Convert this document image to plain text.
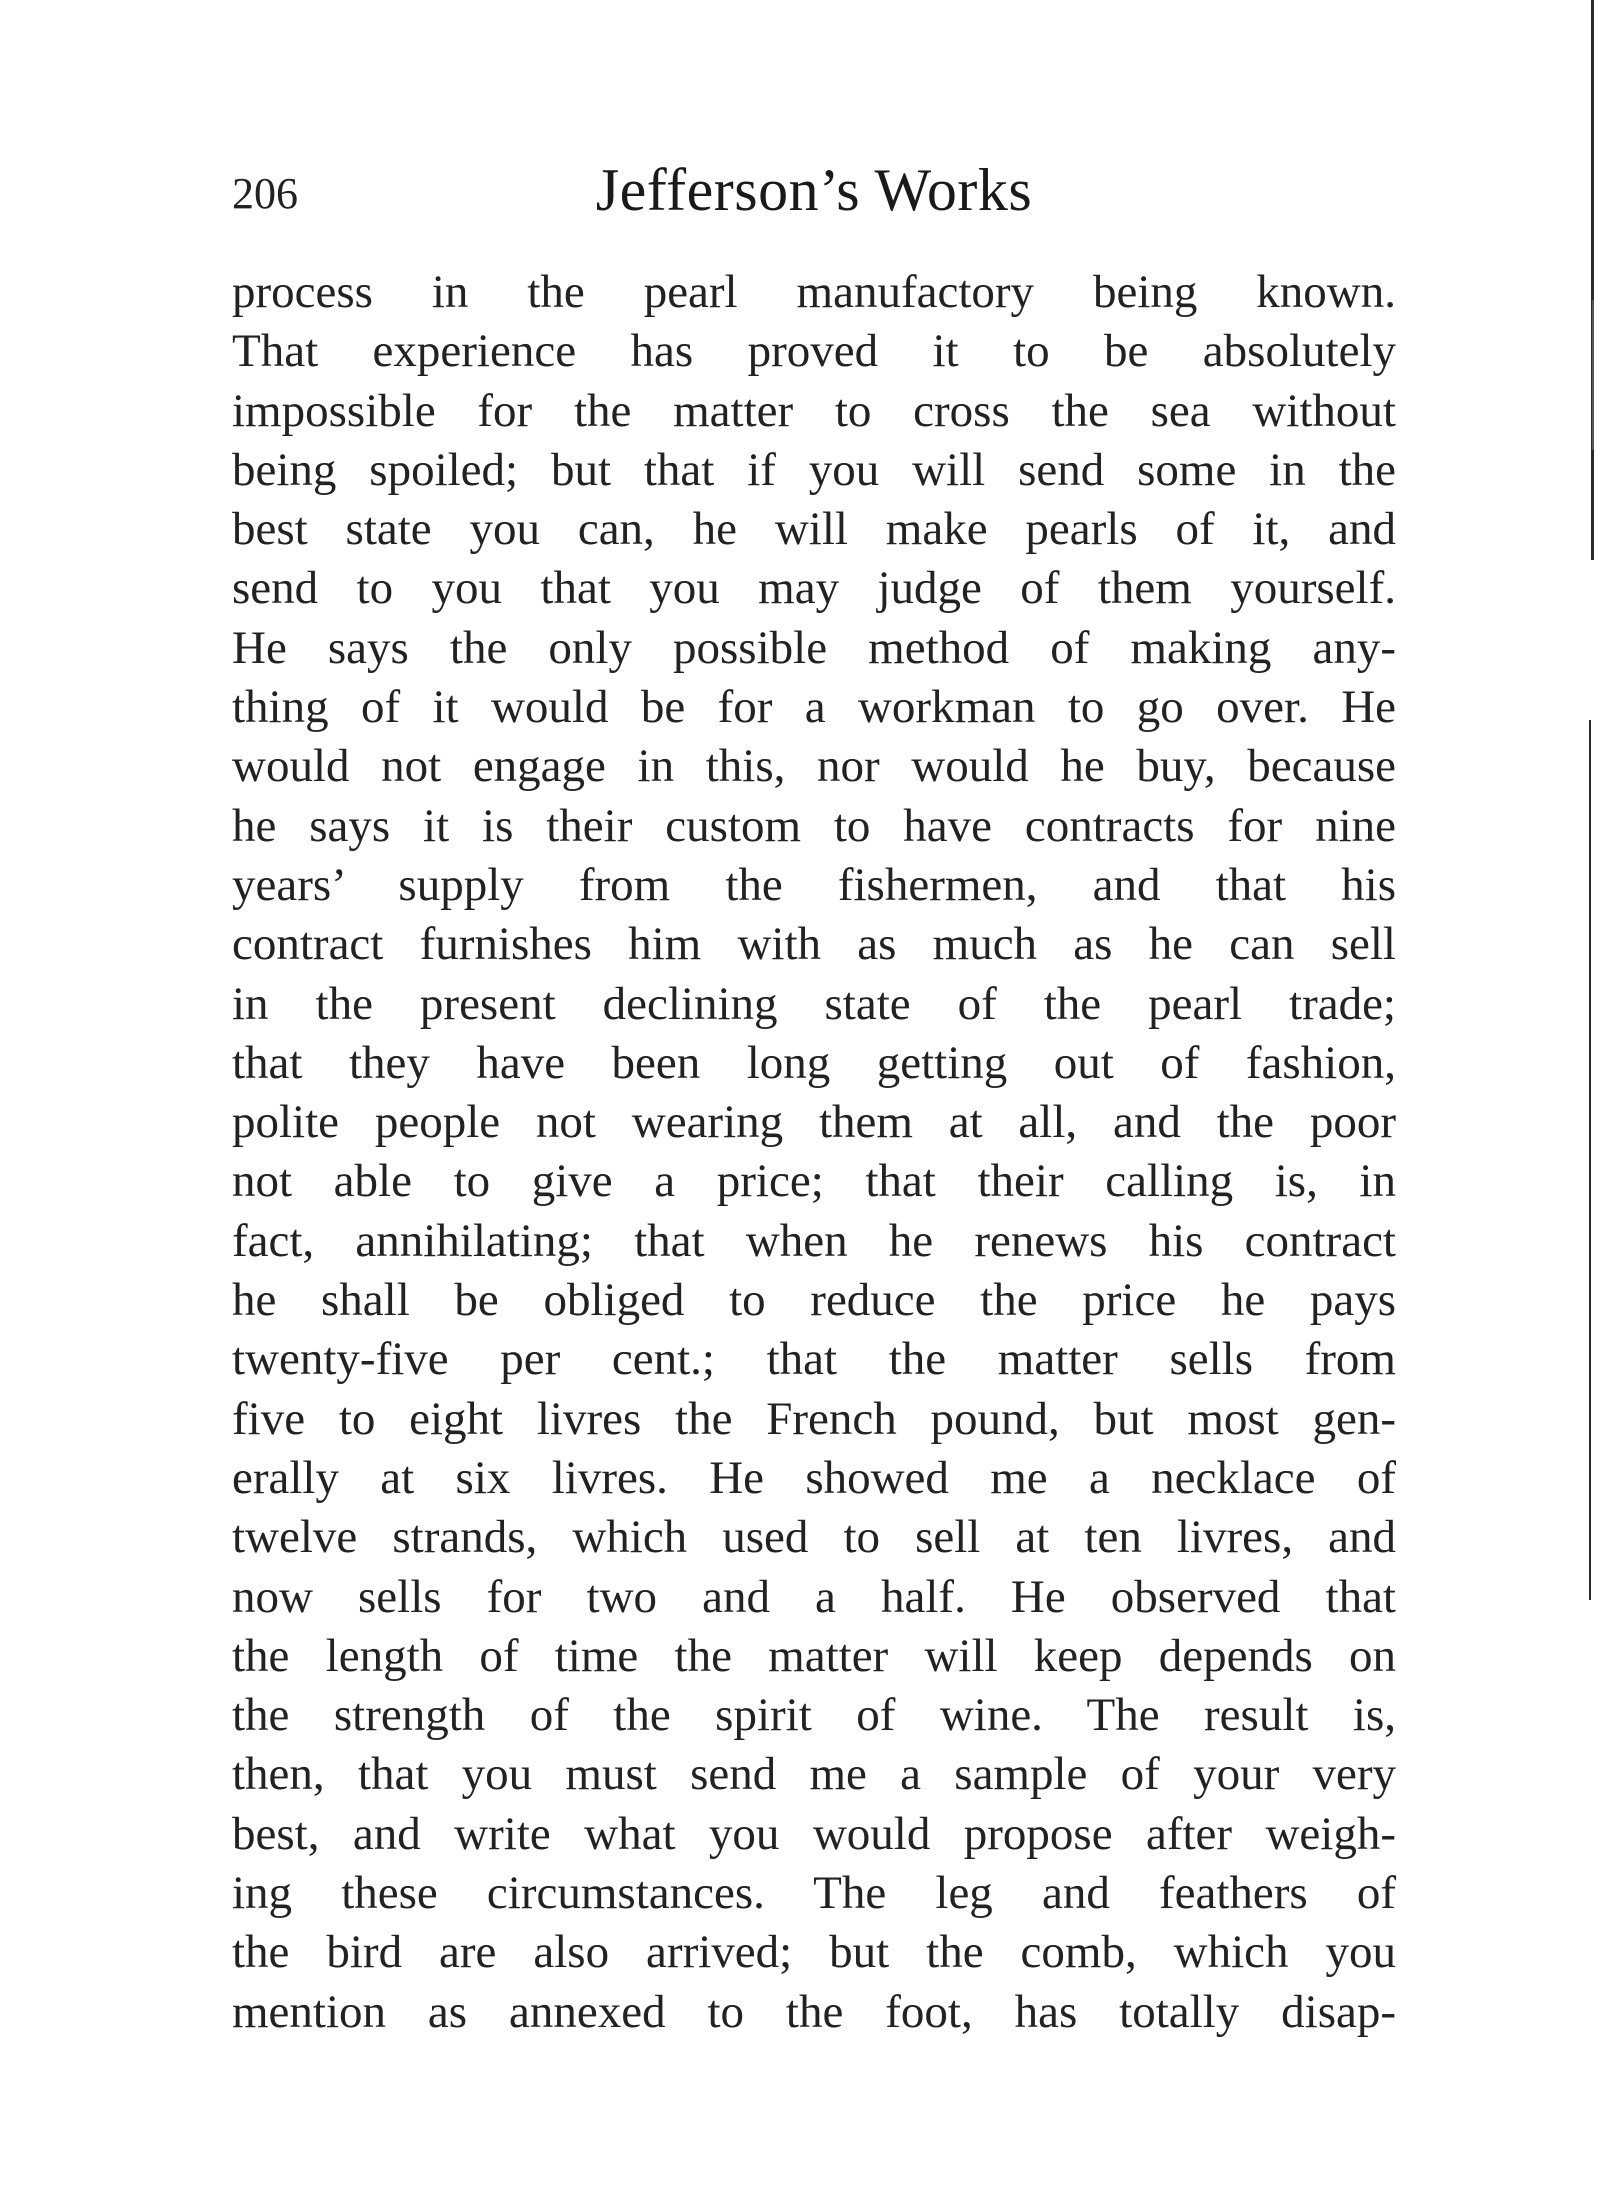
206	Jefferson’s Works
process in the pearl manufactory being known.
That experience has proved it to be absolutely
impossible for the matter to cross the sea without
being spoiled; but that if you will send some in the
best state you can, he will make pearls of it, and
send to you that you may judge of them yourself.
He says the only possible method of making any-
thing of it would be for a workman to go over. He
would not engage in this, nor would he buy, because
he says it is their custom to have contracts for nine
years’ supply from the fishermen, and that his
contract furnishes him with as much as he can sell
in the present declining state of the pearl trade;
that they have been long getting out of fashion,
polite people not wearing them at all, and the poor
not able to give a price; that their calling is, in
fact, annihilating; that when he renews his contract
he shall be obliged to reduce the price he pays
twenty-five per cent.; that the matter sells from
five to eight livres the French pound, but most gen-
erally at six livres. He showed me a necklace of
twelve strands, which used to sell at ten livres, and
now sells for two and a half. He observed that
the length of time the matter will keep depends on
the strength of the spirit of wine. The result is,
then, that you must send me a sample of your very
best, and write what you would propose after weigh-
ing these circumstances. The leg and feathers of
the bird are also arrived; but the comb, which you
mention as annexed to the foot, has totally disap-
